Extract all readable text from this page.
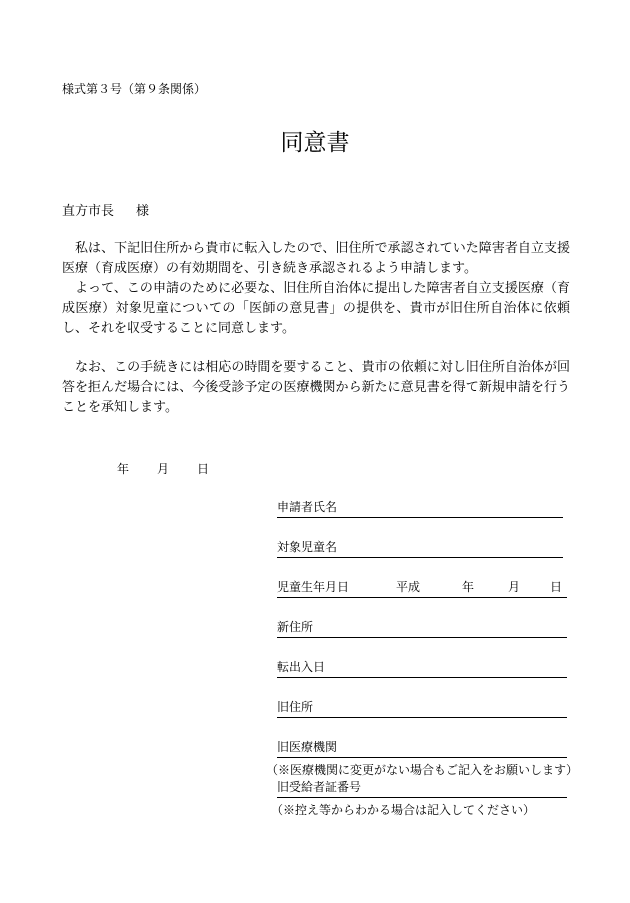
様式第３号（第９条関係）
同意書
直方市長 様
私は、下記旧住所から貴市に転入したので、旧住所で承認されていた障害者自立支援医療（育成医療）の有効期間を、引き続き承認されるよう申請します。
よって、この申請のために必要な、旧住所自治体に提出した障害者自立支援医療（育成医療）対象児童についての「医師の意見書」の提供を、貴市が旧住所自治体に依頼し、それを収受することに同意します。
なお、この手続きには相応の時間を要すること、貴市の依頼に対し旧住所自治体が回答を拒んだ場合には、今後受診予定の医療機関から新たに意見書を得て新規申請を行うことを承知します。
年 月 日
申請者氏名
対象児童名
児童生年月日	平成	年	月 日
新住所
転出入日
旧住所
旧医療機関
（※医療機関に変更がない場合もご記入をお願いします）
旧受給者証番号
（※控え等からわかる場合は記入してください）
